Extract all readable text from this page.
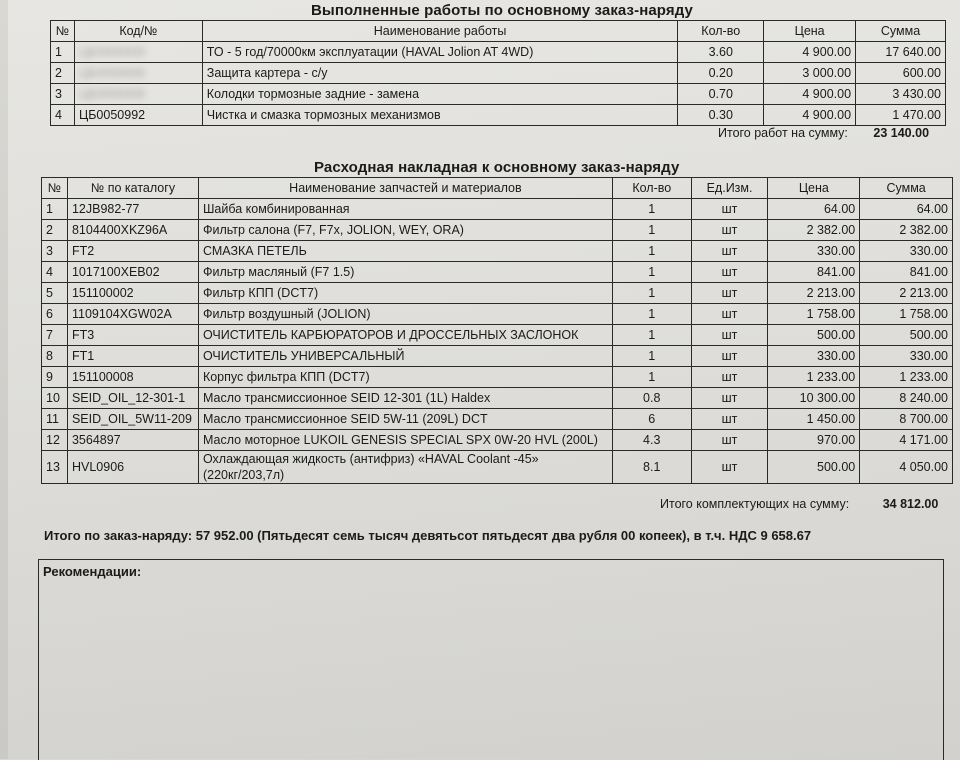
Выполненные работы по основному заказ-наряду
№	Код/№	Наименование работы	Кол-во	Цена	Сумма
1	ЦБ0000000	ТО - 5 год/70000км эксплуатации (HAVAL Jolion AT 4WD)	3.60	4 900.00	17 640.00
2	ЦБ0000000	Защита картера - с/у	0.20	3 000.00	600.00
3	ЦБ0000000	Колодки тормозные задние - замена	0.70	4 900.00	3 430.00
4	ЦБ0050992	Чистка и смазка тормозных механизмов	0.30	4 900.00	1 470.00
Итого работ на сумму: 23 140.00
Расходная накладная к основному заказ-наряду
№	№ по каталогу	Наименование запчастей и материалов	Кол-во	Ед.Изм.	Цена	Сумма
1	12JB982-77	Шайба комбинированная	1	шт	64.00	64.00
2	8104400XKZ96A	Фильтр салона (F7, F7x, JOLION, WEY, ORA)	1	шт	2 382.00	2 382.00
3	FT2	СМАЗКА ПЕТЕЛЬ	1	шт	330.00	330.00
4	1017100XEB02	Фильтр масляный (F7 1.5)	1	шт	841.00	841.00
5	151100002	Фильтр КПП (DCT7)	1	шт	2 213.00	2 213.00
6	1109104XGW02A	Фильтр воздушный (JOLION)	1	шт	1 758.00	1 758.00
7	FT3	ОЧИСТИТЕЛЬ КАРБЮРАТОРОВ И ДРОССЕЛЬНЫХ ЗАСЛОНОК	1	шт	500.00	500.00
8	FT1	ОЧИСТИТЕЛЬ УНИВЕРСАЛЬНЫЙ	1	шт	330.00	330.00
9	151100008	Корпус фильтра КПП (DCT7)	1	шт	1 233.00	1 233.00
10	SEID_OIL_12-301-1	Масло трансмиссионное SEID 12-301 (1L) Haldex	0.8	шт	10 300.00	8 240.00
11	SEID_OIL_5W11-209	Масло трансмиссионное SEID 5W-11 (209L) DCT	6	шт	1 450.00	8 700.00
12	3564897	Масло моторное LUKOIL GENESIS SPECIAL SPX 0W-20 HVL (200L)	4.3	шт	970.00	4 171.00
13	HVL0906	Охлаждающая жидкость (антифриз) «HAVAL Coolant -45»
(220кг/203,7л)	8.1	шт	500.00	4 050.00
Итого комплектующих на сумму:	34 812.00
Итого по заказ-наряду: 57 952.00 (Пятьдесят семь тысяч девятьсот пятьдесят два рубля 00 копеек), в т.ч. НДС 9 658.67
Рекомендации:
